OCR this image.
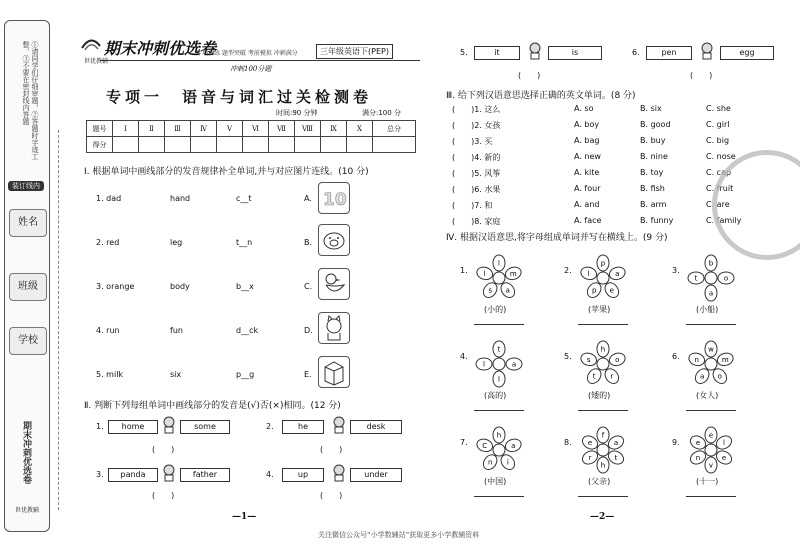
①请同学们仔细审题，②答题时字迹工整，③不要在密封线内答题
装订线内
姓名
班级
学校
期末冲刺优选卷
世优教辅
期末冲刺优选卷
世优教辅
专项训练 题型突破 考前模拟 冲刺满分	三年级英语下(PEP)
冲刺100分题
专项一　语音与词汇过关检测卷
时间:90 分钟	满分:100 分
题号	Ⅰ	Ⅱ	Ⅲ	Ⅳ	Ⅴ	Ⅵ	Ⅶ	Ⅷ	Ⅸ	Ⅹ	总分
得分											
Ⅰ. 根据单词中画线部分的发音规律补全单词,并与对应图片连线。(10 分)
1. dad	hand	c__t	A. 10
2. red	leg	t__n	B.
3. orange	body	b__x	C.
4. run	fun	d__ck	D.
5. milk	six	p__g	E.
Ⅱ. 判断下列每组单词中画线部分的发音是(√)否(×)相同。(12 分)
1.	home	some
(　　)
2.	he	desk
(　　)
3.	panda	father
(　　)
4.	up	under
(　　)
—1—
5.	it	is
(　　)
6.	pen	egg
(　　)
Ⅲ. 给下列汉语意思选择正确的英文单词。(8 分)
(　　)1. 这么	A. so	B. six	C. she
(　　)2. 女孩	A. boy	B. good	C. girl
(　　)3. 买	A. bag	B. buy	C. big
(　　)4. 新的	A. new	B. nine	C. nose
(　　)5. 风筝	A. kite	B. toy	C. cap
(　　)6. 水果	A. four	B. fish	C. fruit
(　　)7. 和	A. and	B. arm	C. are
(　　)8. 家庭	A. face	B. funny	C. family
Ⅳ. 根据汉语意思,将字母组成单词并写在横线上。(9 分)
1.
l
m
a
s
l
(小的)
2.
p
a
e
p
l
(苹果)
3.
b
o
a
t
(小船)
4.
t
a
l
l
(高的)
5.
h
o
r
t
s
(矮的)
6.
w
m
o
a
n
(女人)
7.
h
a
i
n
C
(中国)
8.
f
a
t
h
r
e
(父亲)
9.
e
l
e
v
n
e
(十一)
—2—
关注微信公众号“小学数辅站”获取更多小学教辅资料
